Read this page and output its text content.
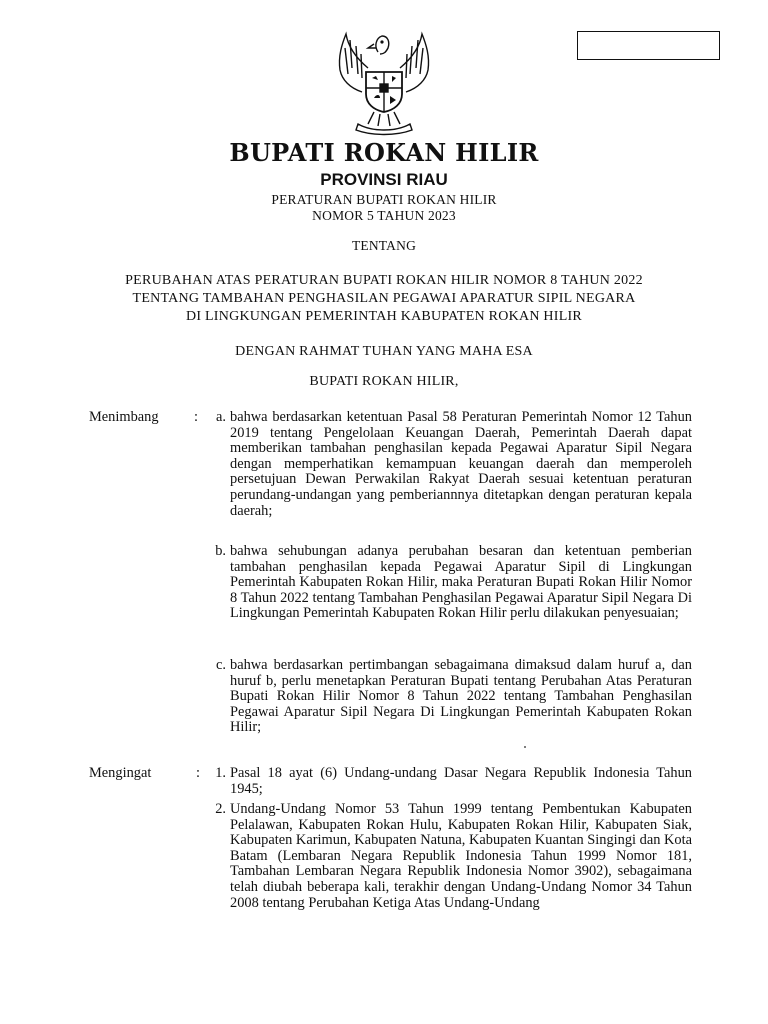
BUPATI ROKAN HILIR
PROVINSI RIAU
PERATURAN BUPATI ROKAN HILIR
NOMOR 5 TAHUN 2023
TENTANG
PERUBAHAN ATAS PERATURAN BUPATI ROKAN HILIR NOMOR 8 TAHUN 2022
TENTANG TAMBAHAN PENGHASILAN PEGAWAI APARATUR SIPIL NEGARA
DI LINGKUNGAN PEMERINTAH KABUPATEN ROKAN HILIR
DENGAN RAHMAT TUHAN YANG MAHA ESA
BUPATI ROKAN HILIR,
Menimbang :	a. bahwa berdasarkan ketentuan Pasal 58 Peraturan Pemerintah Nomor 12 Tahun 2019 tentang Pengelolaan Keuangan Daerah, Pemerintah Daerah dapat memberikan tambahan penghasilan kepada Pegawai Aparatur Sipil Negara dengan memperhatikan kemampuan keuangan daerah dan memperoleh persetujuan Dewan Perwakilan Rakyat Daerah sesuai ketentuan peraturan perundang-undangan yang pemberiannnya ditetapkan dengan peraturan kepala daerah;
b. bahwa sehubungan adanya perubahan besaran dan ketentuan pemberian tambahan penghasilan kepada Pegawai Aparatur Sipil di Lingkungan Pemerintah Kabupaten Rokan Hilir, maka Peraturan Bupati Rokan Hilir Nomor 8 Tahun 2022 tentang Tambahan Penghasilan Pegawai Aparatur Sipil Negara Di Lingkungan Pemerintah Kabupaten Rokan Hilir perlu dilakukan penyesuaian;
c. bahwa berdasarkan pertimbangan sebagaimana dimaksud dalam huruf a, dan huruf b, perlu menetapkan Peraturan Bupati tentang Perubahan Atas Peraturan Bupati Rokan Hilir Nomor 8 Tahun 2022 tentang Tambahan Penghasilan Pegawai Aparatur Sipil Negara Di Lingkungan Pemerintah Kabupaten Rokan Hilir;
Mengingat	:	1. Pasal 18 ayat (6) Undang-undang Dasar Negara Republik Indonesia Tahun 1945;
2. Undang-Undang Nomor 53 Tahun 1999 tentang Pembentukan Kabupaten Pelalawan, Kabupaten Rokan Hulu, Kabupaten Rokan Hilir, Kabupaten Siak, Kabupaten Karimun, Kabupaten Natuna, Kabupaten Kuantan Singingi dan Kota Batam (Lembaran Negara Republik Indonesia Tahun 1999 Nomor 181, Tambahan Lembaran Negara Republik Indonesia Nomor 3902), sebagaimana telah diubah beberapa kali, terakhir dengan Undang-Undang Nomor 34 Tahun 2008 tentang Perubahan Ketiga Atas Undang-Undang
